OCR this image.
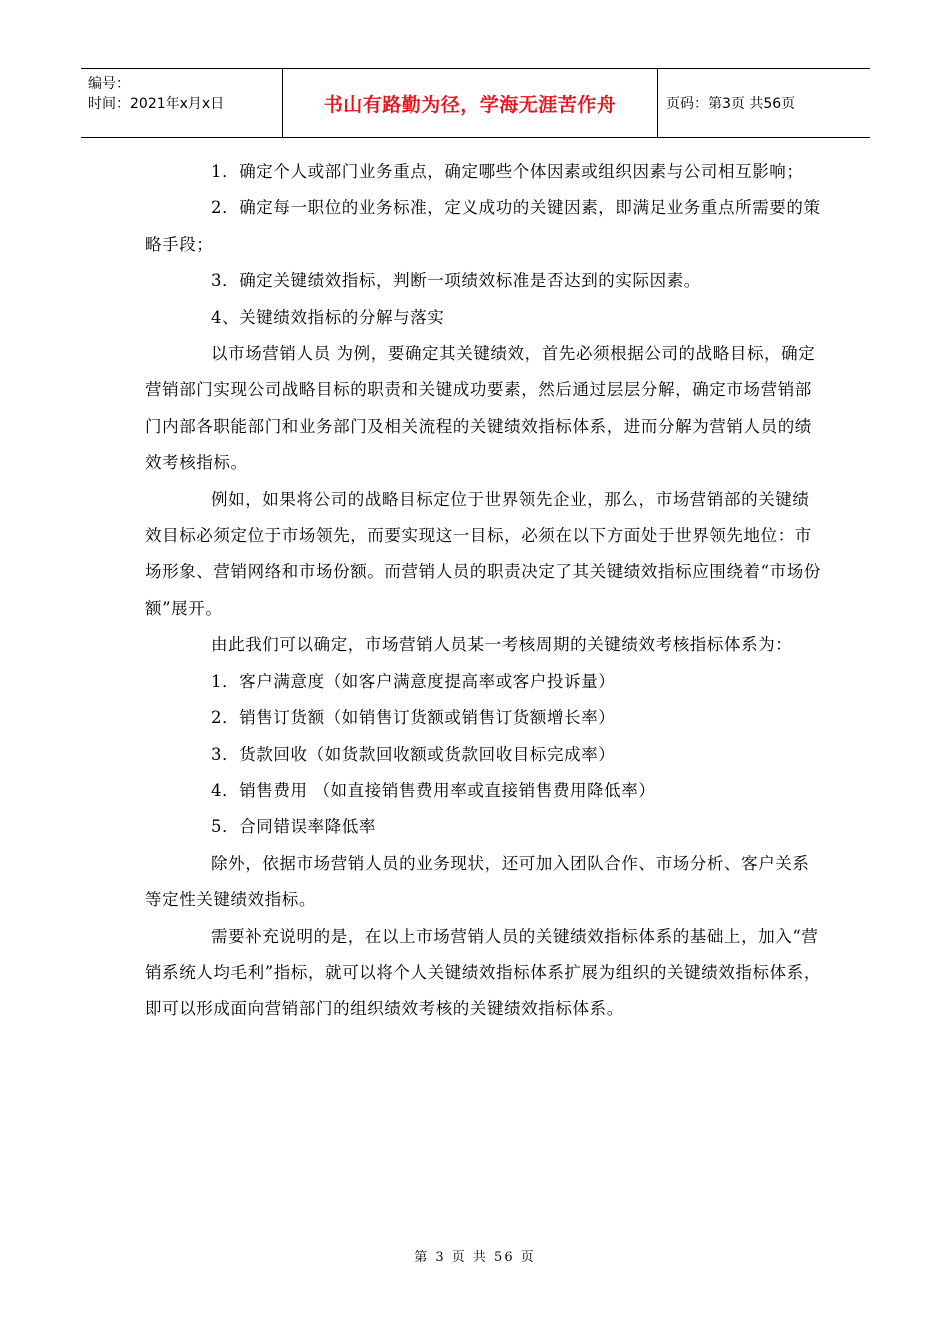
编号：
时间：2021年x月x日	书山有路勤为径，学海无涯苦作舟	页码：第3页 共56页

1．确定个人或部门业务重点，确定哪些个体因素或组织因素与公司相互影响；

2．确定每一职位的业务标准，定义成功的关键因素，即满足业务重点所需要的策略手段；

3．确定关键绩效指标，判断一项绩效标准是否达到的实际因素。

4、关键绩效指标的分解与落实

以市场营销人员 为例，要确定其关键绩效，首先必须根据公司的战略目标，确定营销部门实现公司战略目标的职责和关键成功要素，然后通过层层分解，确定市场营销部门内部各职能部门和业务部门及相关流程的关键绩效指标体系，进而分解为营销人员的绩效考核指标。

例如，如果将公司的战略目标定位于世界领先企业，那么，市场营销部的关键绩效目标必须定位于市场领先，而要实现这一目标，必须在以下方面处于世界领先地位：市场形象、营销网络和市场份额。而营销人员的职责决定了其关键绩效指标应围绕着“市场份额”展开。

由此我们可以确定，市场营销人员某一考核周期的关键绩效考核指标体系为：

1．客户满意度（如客户满意度提高率或客户投诉量）

2．销售订货额（如销售订货额或销售订货额增长率）

3．货款回收（如货款回收额或货款回收目标完成率）

4．销售费用 （如直接销售费用率或直接销售费用降低率）

5．合同错误率降低率

除外，依据市场营销人员的业务现状，还可加入团队合作、市场分析、客户关系等定性关键绩效指标。

需要补充说明的是，在以上市场营销人员的关键绩效指标体系的基础上，加入“营销系统人均毛利”指标，就可以将个人关键绩效指标体系扩展为组织的关键绩效指标体系，即可以形成面向营销部门的组织绩效考核的关键绩效指标体系。

第 3 页 共 56 页
